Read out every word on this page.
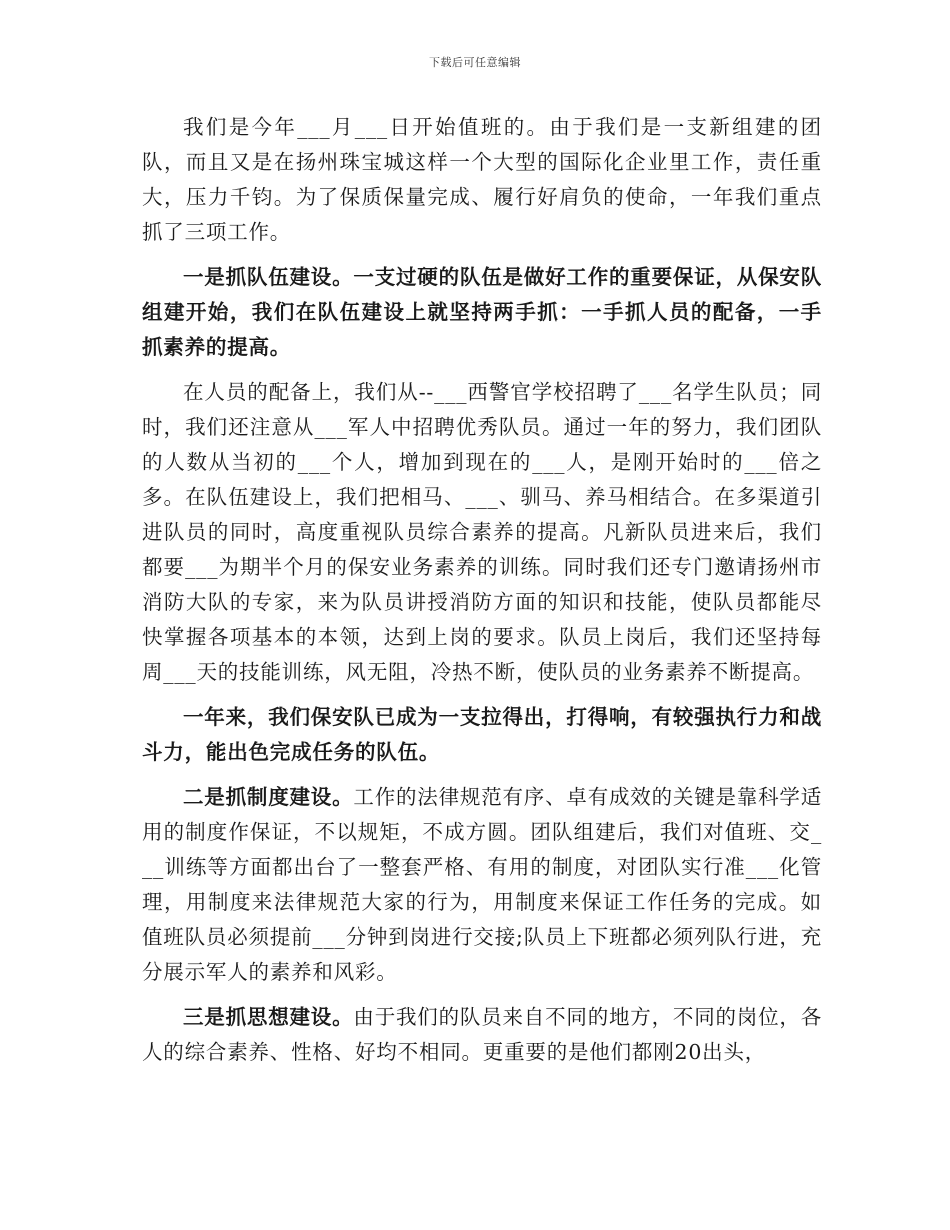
下载后可任意编辑

我们是今年___月___日开始值班的。由于我们是一支新组建的团队，而且又是在扬州珠宝城这样一个大型的国际化企业里工作，责任重大，压力千钧。为了保质保量完成、履行好肩负的使命，一年我们重点抓了三项工作。

一是抓队伍建设。一支过硬的队伍是做好工作的重要保证，从保安队组建开始，我们在队伍建设上就坚持两手抓：一手抓人员的配备，一手抓素养的提高。

在人员的配备上，我们从--___西警官学校招聘了___名学生队员；同时，我们还注意从___军人中招聘优秀队员。通过一年的努力，我们团队的人数从当初的___个人，增加到现在的___人，是刚开始时的___倍之多。在队伍建设上，我们把相马、___、驯马、养马相结合。在多渠道引进队员的同时，高度重视队员综合素养的提高。凡新队员进来后，我们都要___为期半个月的保安业务素养的训练。同时我们还专门邀请扬州市消防大队的专家，来为队员讲授消防方面的知识和技能，使队员都能尽快掌握各项基本的本领，达到上岗的要求。队员上岗后，我们还坚持每周___天的技能训练，风无阻，冷热不断，使队员的业务素养不断提高。

一年来，我们保安队已成为一支拉得出，打得响，有较强执行力和战斗力，能出色完成任务的队伍。

二是抓制度建设。工作的法律规范有序、卓有成效的关键是靠科学适用的制度作保证，不以规矩，不成方圆。团队组建后，我们对值班、交___训练等方面都出台了一整套严格、有用的制度，对团队实行准___化管理，用制度来法律规范大家的行为，用制度来保证工作任务的完成。如值班队员必须提前___分钟到岗进行交接;队员上下班都必须列队行进，充分展示军人的素养和风彩。

三是抓思想建设。由于我们的队员来自不同的地方，不同的岗位，各人的综合素养、性格、好均不相同。更重要的是他们都刚20出头，
